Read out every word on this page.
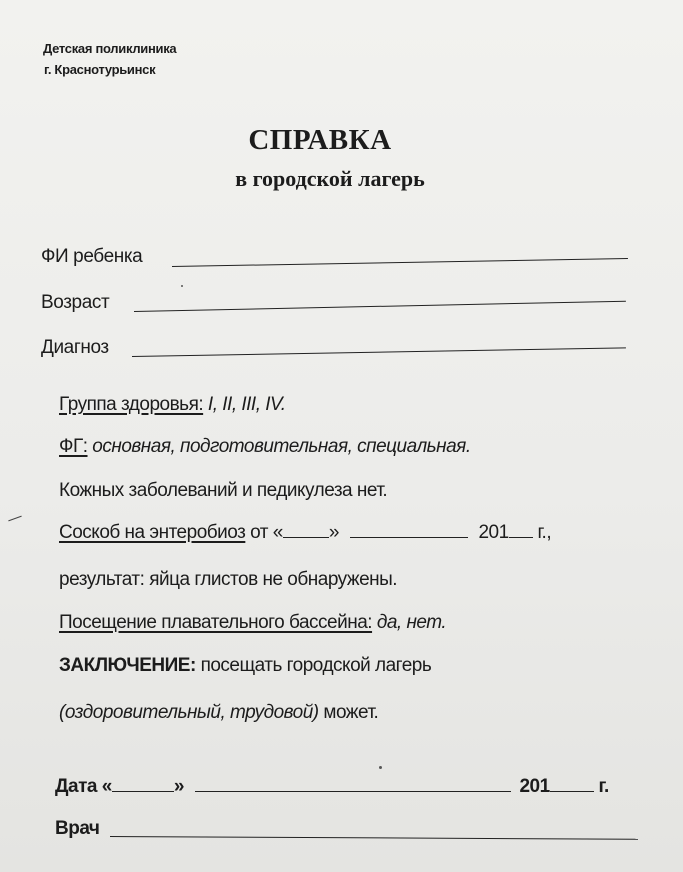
Детская поликлиника
г. Краснотурьинск
СПРАВКА
в городской лагерь
ФИ ребенка
Возраст
Диагноз
Группа здоровья: I, II, III, IV.
ФГ: основная, подготовительная, специальная.
Кожных заболеваний и педикулеза нет.
Соскоб на энтеробиоз от « »	201 г.,
результат: яйца глистов не обнаружены.
Посещение плавательного бассейна: да, нет.
ЗАКЛЮЧЕНИЕ: посещать городской лагерь
(оздоровительный, трудовой) может.
Дата «	»	201	г.
Врач
